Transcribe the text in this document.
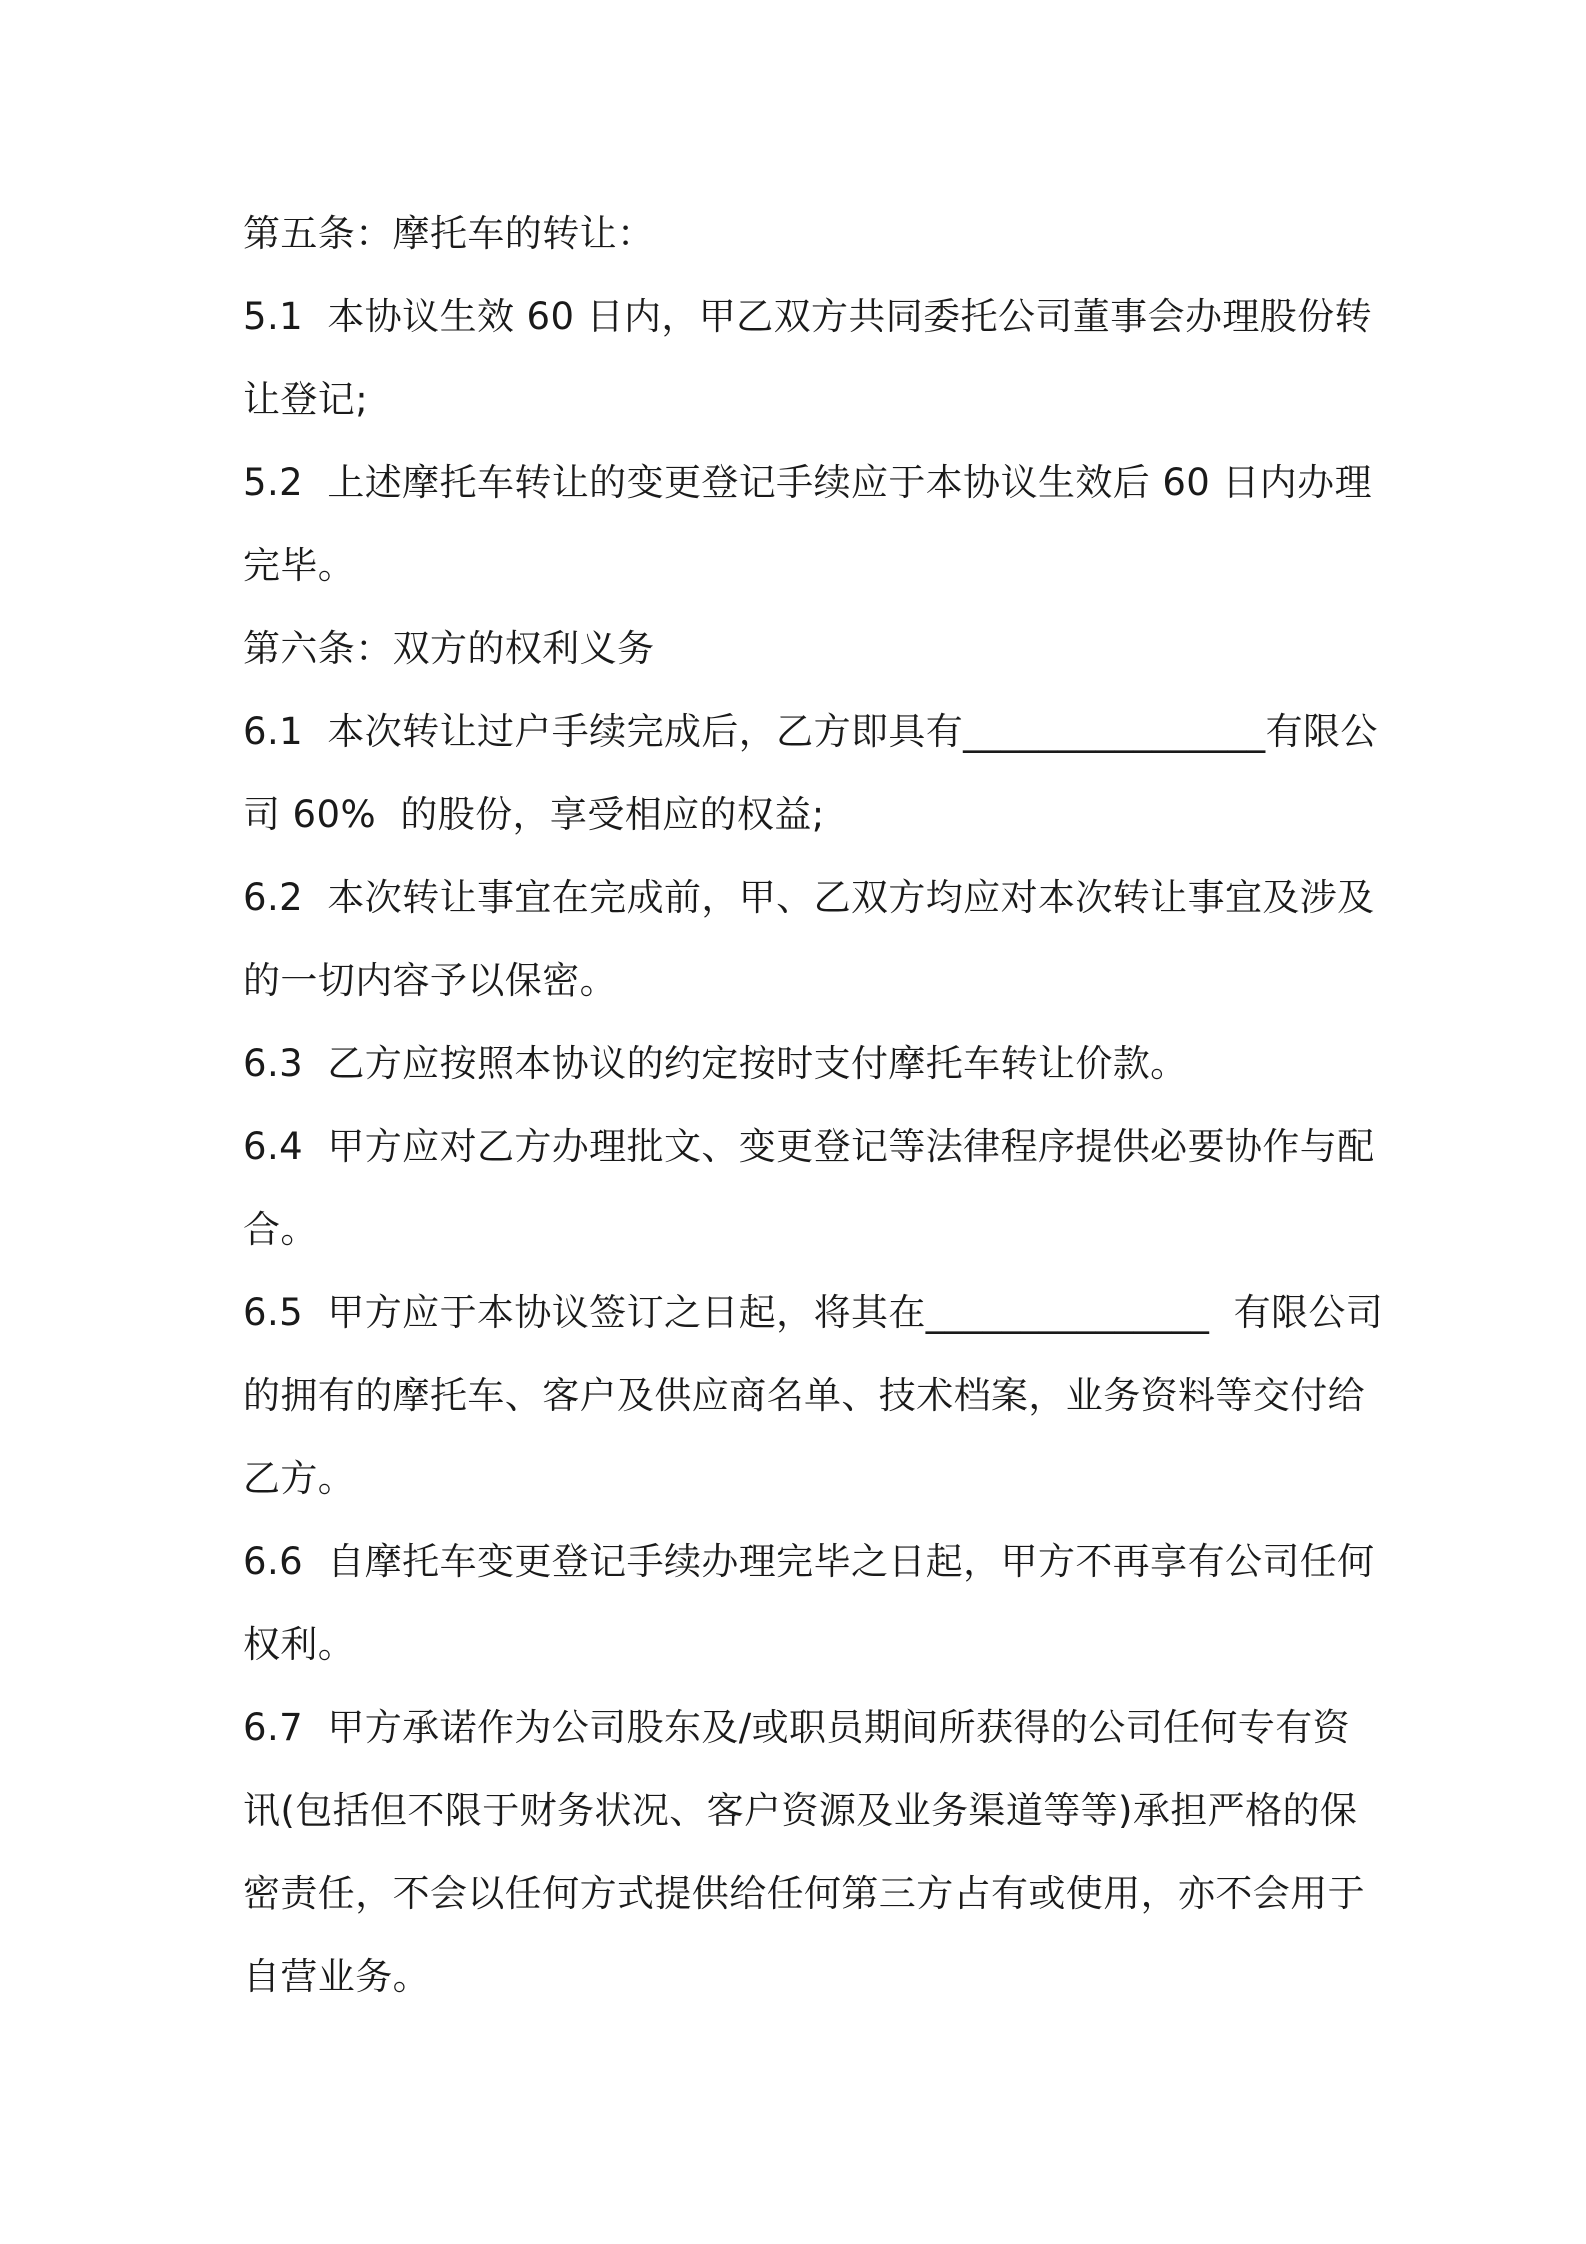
第五条：摩托车的转让：
5.1  本协议生效 60 日内，甲乙双方共同委托公司董事会办理股份转
让登记;
5.2  上述摩托车转让的变更登记手续应于本协议生效后 60 日内办理
完毕。
第六条：双方的权利义务
6.1  本次转让过户手续完成后，乙方即具有________________有限公
司 60%  的股份，享受相应的权益;
6.2  本次转让事宜在完成前，甲、乙双方均应对本次转让事宜及涉及
的一切内容予以保密。
6.3  乙方应按照本协议的约定按时支付摩托车转让价款。
6.4  甲方应对乙方办理批文、变更登记等法律程序提供必要协作与配
合。
6.5  甲方应于本协议签订之日起，将其在_______________  有限公司
的拥有的摩托车、客户及供应商名单、技术档案，业务资料等交付给
乙方。
6.6  自摩托车变更登记手续办理完毕之日起，甲方不再享有公司任何
权利。
6.7  甲方承诺作为公司股东及/或职员期间所获得的公司任何专有资
讯(包括但不限于财务状况、客户资源及业务渠道等等)承担严格的保
密责任，不会以任何方式提供给任何第三方占有或使用，亦不会用于
自营业务。
